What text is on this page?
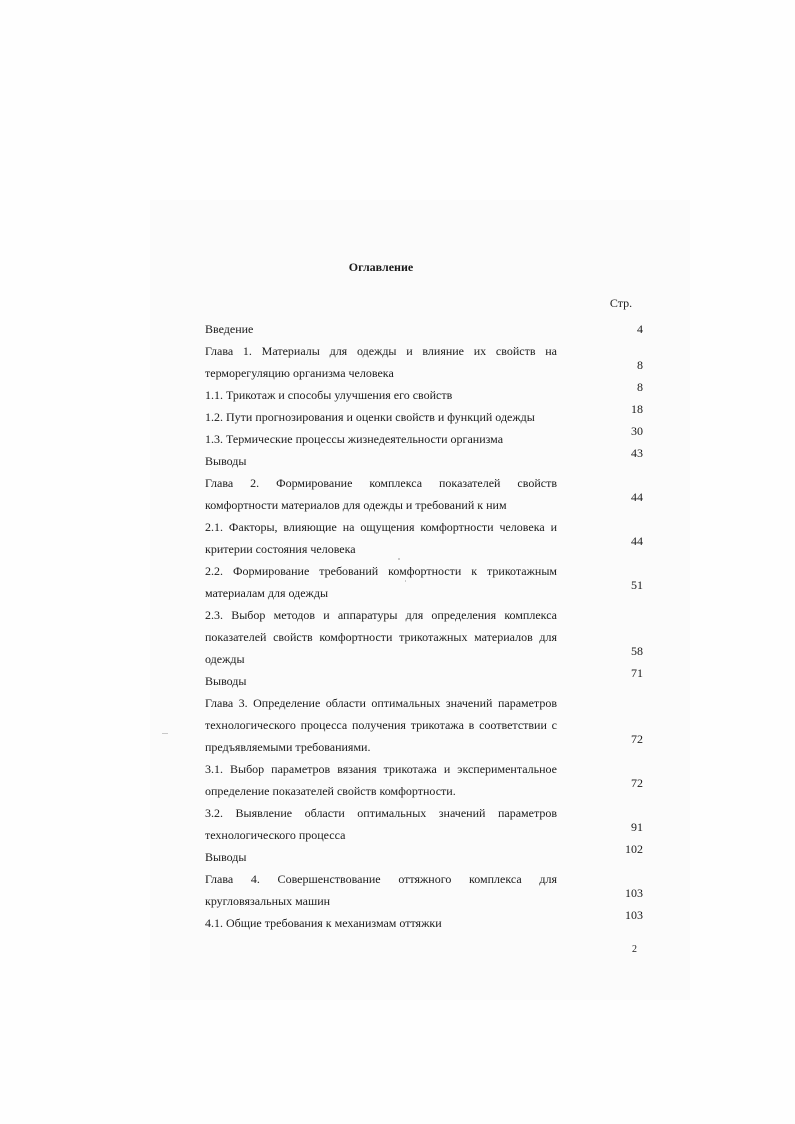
Оглавление
Стр.
Введение	4
Глава 1. Материалы для одежды и влияние их свойств на терморегуляцию организма человека
8
1.1. Трикотаж и способы улучшения его свойств
8
1.2. Пути прогнозирования и оценки свойств и функций одежды
18
1.3. Термические процессы жизнедеятельности организма
30
Выводы
43
Глава 2. Формирование комплекса показателей свойств комфортности материалов для одежды и требований к ним
44
2.1. Факторы, влияющие на ощущения комфортности человека и критерии состояния человека
44
2.2. Формирование требований комфортности к трикотажным материалам для одежды
51
2.3. Выбор методов и аппаратуры для определения комплекса показателей свойств комфортности трикотажных материалов для одежды
58
Выводы
71
Глава 3. Определение области оптимальных значений параметров технологического процесса получения трикотажа в соответствии с предъявляемыми требованиями.
72
3.1. Выбор параметров вязания трикотажа и экспериментальное определение показателей свойств комфортности.
72
3.2. Выявление области оптимальных значений параметров технологического процесса
91
Выводы
102
Глава 4. Совершенствование оттяжного комплекса для кругловязальных машин
103
4.1. Общие требования к механизмам оттяжки
103
2
